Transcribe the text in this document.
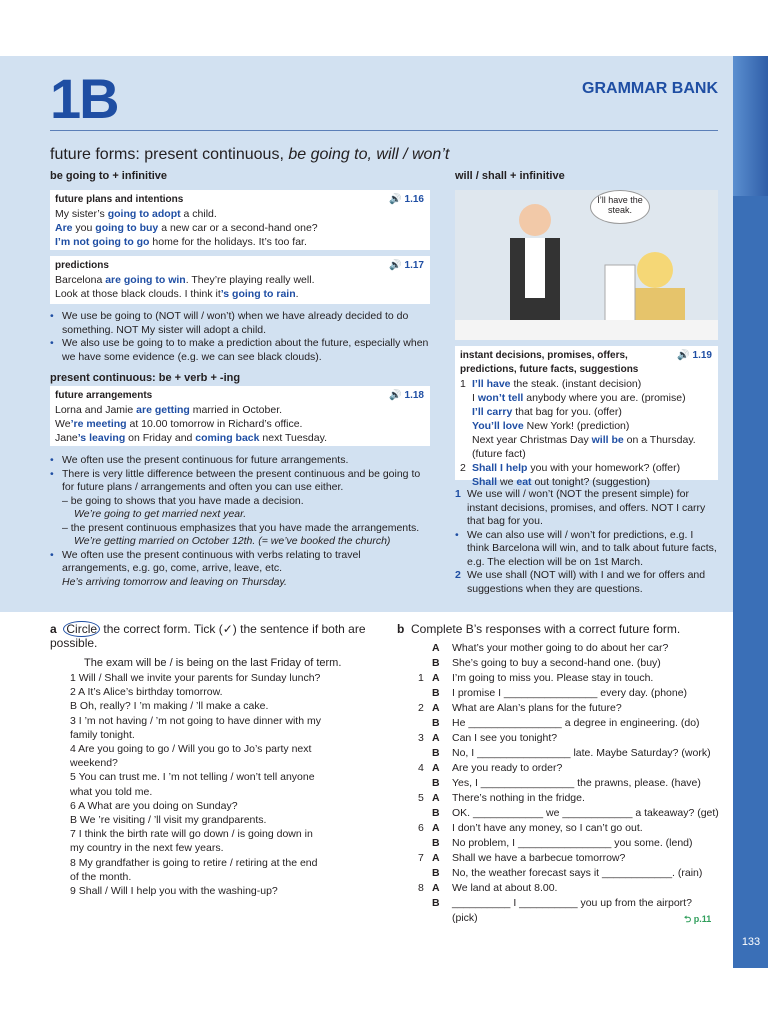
133
1B	GRAMMAR BANK
future forms: present continuous, be going to, will / won’t
be going to + infinitive
future plans and intentions	🔊 1.16
My sister’s going to adopt a child.
Are you going to buy a new car or a second-hand one?
I’m not going to go home for the holidays. It’s too far.
predictions	🔊 1.17
Barcelona are going to win. They’re playing really well.
Look at those black clouds. I think it’s going to rain.
• We use be going to (NOT will / won’t) when we have already decided to do something. NOT My sister will adopt a child.
• We also use be going to to make a prediction about the future, especially when we have some evidence (e.g. we can see black clouds).
present continuous: be + verb + -ing
future arrangements	🔊 1.18
Lorna and Jamie are getting married in October.
We’re meeting at 10.00 tomorrow in Richard’s office.
Jane’s leaving on Friday and coming back next Tuesday.
• We often use the present continuous for future arrangements.
• There is very little difference between the present continuous and be going to for future plans / arrangements and often you can use either.
– be going to shows that you have made a decision.
We’re going to get married next year.
– the present continuous emphasizes that you have made the arrangements.
We’re getting married on October 12th. (= we’ve booked the church)
• We often use the present continuous with verbs relating to travel arrangements, e.g. go, come, arrive, leave, etc.
He’s arriving tomorrow and leaving on Thursday.
will / shall + infinitive
I’ll have the steak.
instant decisions, promises, offers, predictions, future facts, suggestions
🔊 1.19
1 I’ll have the steak. (instant decision)
I won’t tell anybody where you are. (promise)
I’ll carry that bag for you. (offer)
You’ll love New York! (prediction)
Next year Christmas Day will be on a Thursday.
(future fact)
2 Shall I help you with your homework? (offer)
Shall we eat out tonight? (suggestion)
1 We use will / won’t (NOT the present simple) for instant decisions, promises, and offers. NOT I carry that bag for you.
• We can also use will / won’t for predictions, e.g. I think Barcelona will win, and to talk about future facts, e.g. The election will be on 1st March.
2 We use shall (NOT will) with I and we for offers and suggestions when they are questions.
a Circle the correct form. Tick (✓) the sentence if both are possible.
The exam will be / is being on the last Friday of term.
1 Will / Shall we invite your parents for Sunday lunch?
2 A It’s Alice’s birthday tomorrow.
B Oh, really? I ’m making / ’ll make a cake.
3 I ’m not having / ’m not going to have dinner with my
family tonight.
4 Are you going to go / Will you go to Jo’s party next
weekend?
5 You can trust me. I ’m not telling / won’t tell anyone
what you told me.
6 A What are you doing on Sunday?
B We ’re visiting / ’ll visit my grandparents.
7 I think the birth rate will go down / is going down in
my country in the next few years.
8 My grandfather is going to retire / retiring at the end
of the month.
9 Shall / Will I help you with the washing-up?
b Complete B’s responses with a correct future form.
A What’s your mother going to do about her car?
B She’s going to buy a second-hand one. (buy)
1 A I’m going to miss you. Please stay in touch.
B I promise I ________________ every day. (phone)
2 A What are Alan’s plans for the future?
B He ________________ a degree in engineering. (do)
3 A Can I see you tonight?
B No, I ________________ late. Maybe Saturday? (work)
4 A Are you ready to order?
B Yes, I ________________ the prawns, please. (have)
5 A There’s nothing in the fridge.
B OK. ____________ we ____________ a takeaway? (get)
6 A I don’t have any money, so I can’t go out.
B No problem, I ________________ you some. (lend)
7 A Shall we have a barbecue tomorrow?
B No, the weather forecast says it ____________. (rain)
8 A We land at about 8.00.
B __________ I __________ you up from the airport?
(pick)	⮌ p.11
